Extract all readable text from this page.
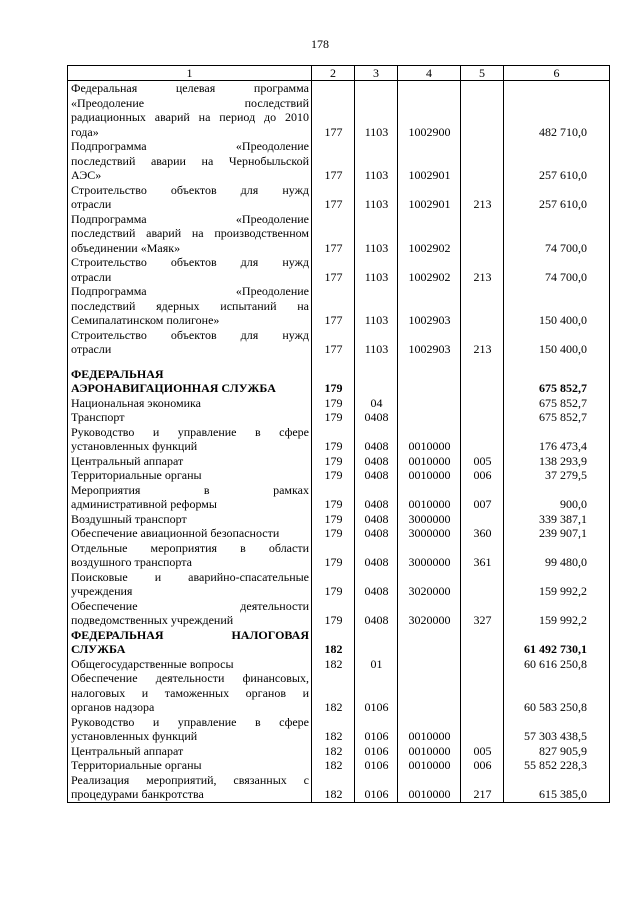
178
1	2	3	4	5	6

Федеральная целевая программа
«Преодоление последствий
радиационных аварий на период до 2010
года»	177	1103	1002900		482 710,0

Подпрограмма «Преодоление
последствий аварии на Чернобыльской
АЭС»	177	1103	1002901		257 610,0

Строительство объектов для нужд
отрасли	177	1103	1002901	213	257 610,0

Подпрограмма «Преодоление
последствий аварий на производственном
объединении «Маяк»	177	1103	1002902		74 700,0

Строительство объектов для нужд
отрасли	177	1103	1002902	213	74 700,0

Подпрограмма «Преодоление
последствий ядерных испытаний на
Семипалатинском полигоне»	177	1103	1002903		150 400,0

Строительство объектов для нужд
отрасли	177	1103	1002903	213	150 400,0

ФЕДЕРАЛЬНАЯ
АЭРОНАВИГАЦИОННАЯ СЛУЖБА	179				675 852,7

Национальная экономика	179	04			675 852,7

Транспорт	179	0408			675 852,7

Руководство и управление в сфере
установленных функций	179	0408	0010000		176 473,4

Центральный аппарат	179	0408	0010000	005	138 293,9

Территориальные органы	179	0408	0010000	006	37 279,5

Мероприятия в рамках
административной реформы	179	0408	0010000	007	900,0

Воздушный транспорт	179	0408	3000000		339 387,1

Обеспечение авиационной безопасности	179	0408	3000000	360	239 907,1

Отдельные мероприятия в области
воздушного транспорта	179	0408	3000000	361	99 480,0

Поисковые и аварийно-спасательные
учреждения	179	0408	3020000		159 992,2

Обеспечение деятельности
подведомственных учреждений	179	0408	3020000	327	159 992,2

ФЕДЕРАЛЬНАЯ НАЛОГОВАЯ
СЛУЖБА	182				61 492 730,1

Общегосударственные вопросы	182	01			60 616 250,8

Обеспечение деятельности финансовых,
налоговых и таможенных органов и
органов надзора	182	0106			60 583 250,8

Руководство и управление в сфере
установленных функций	182	0106	0010000		57 303 438,5

Центральный аппарат	182	0106	0010000	005	827 905,9

Территориальные органы	182	0106	0010000	006	55 852 228,3

Реализация мероприятий, связанных с
процедурами банкротства	182	0106	0010000	217	615 385,0
